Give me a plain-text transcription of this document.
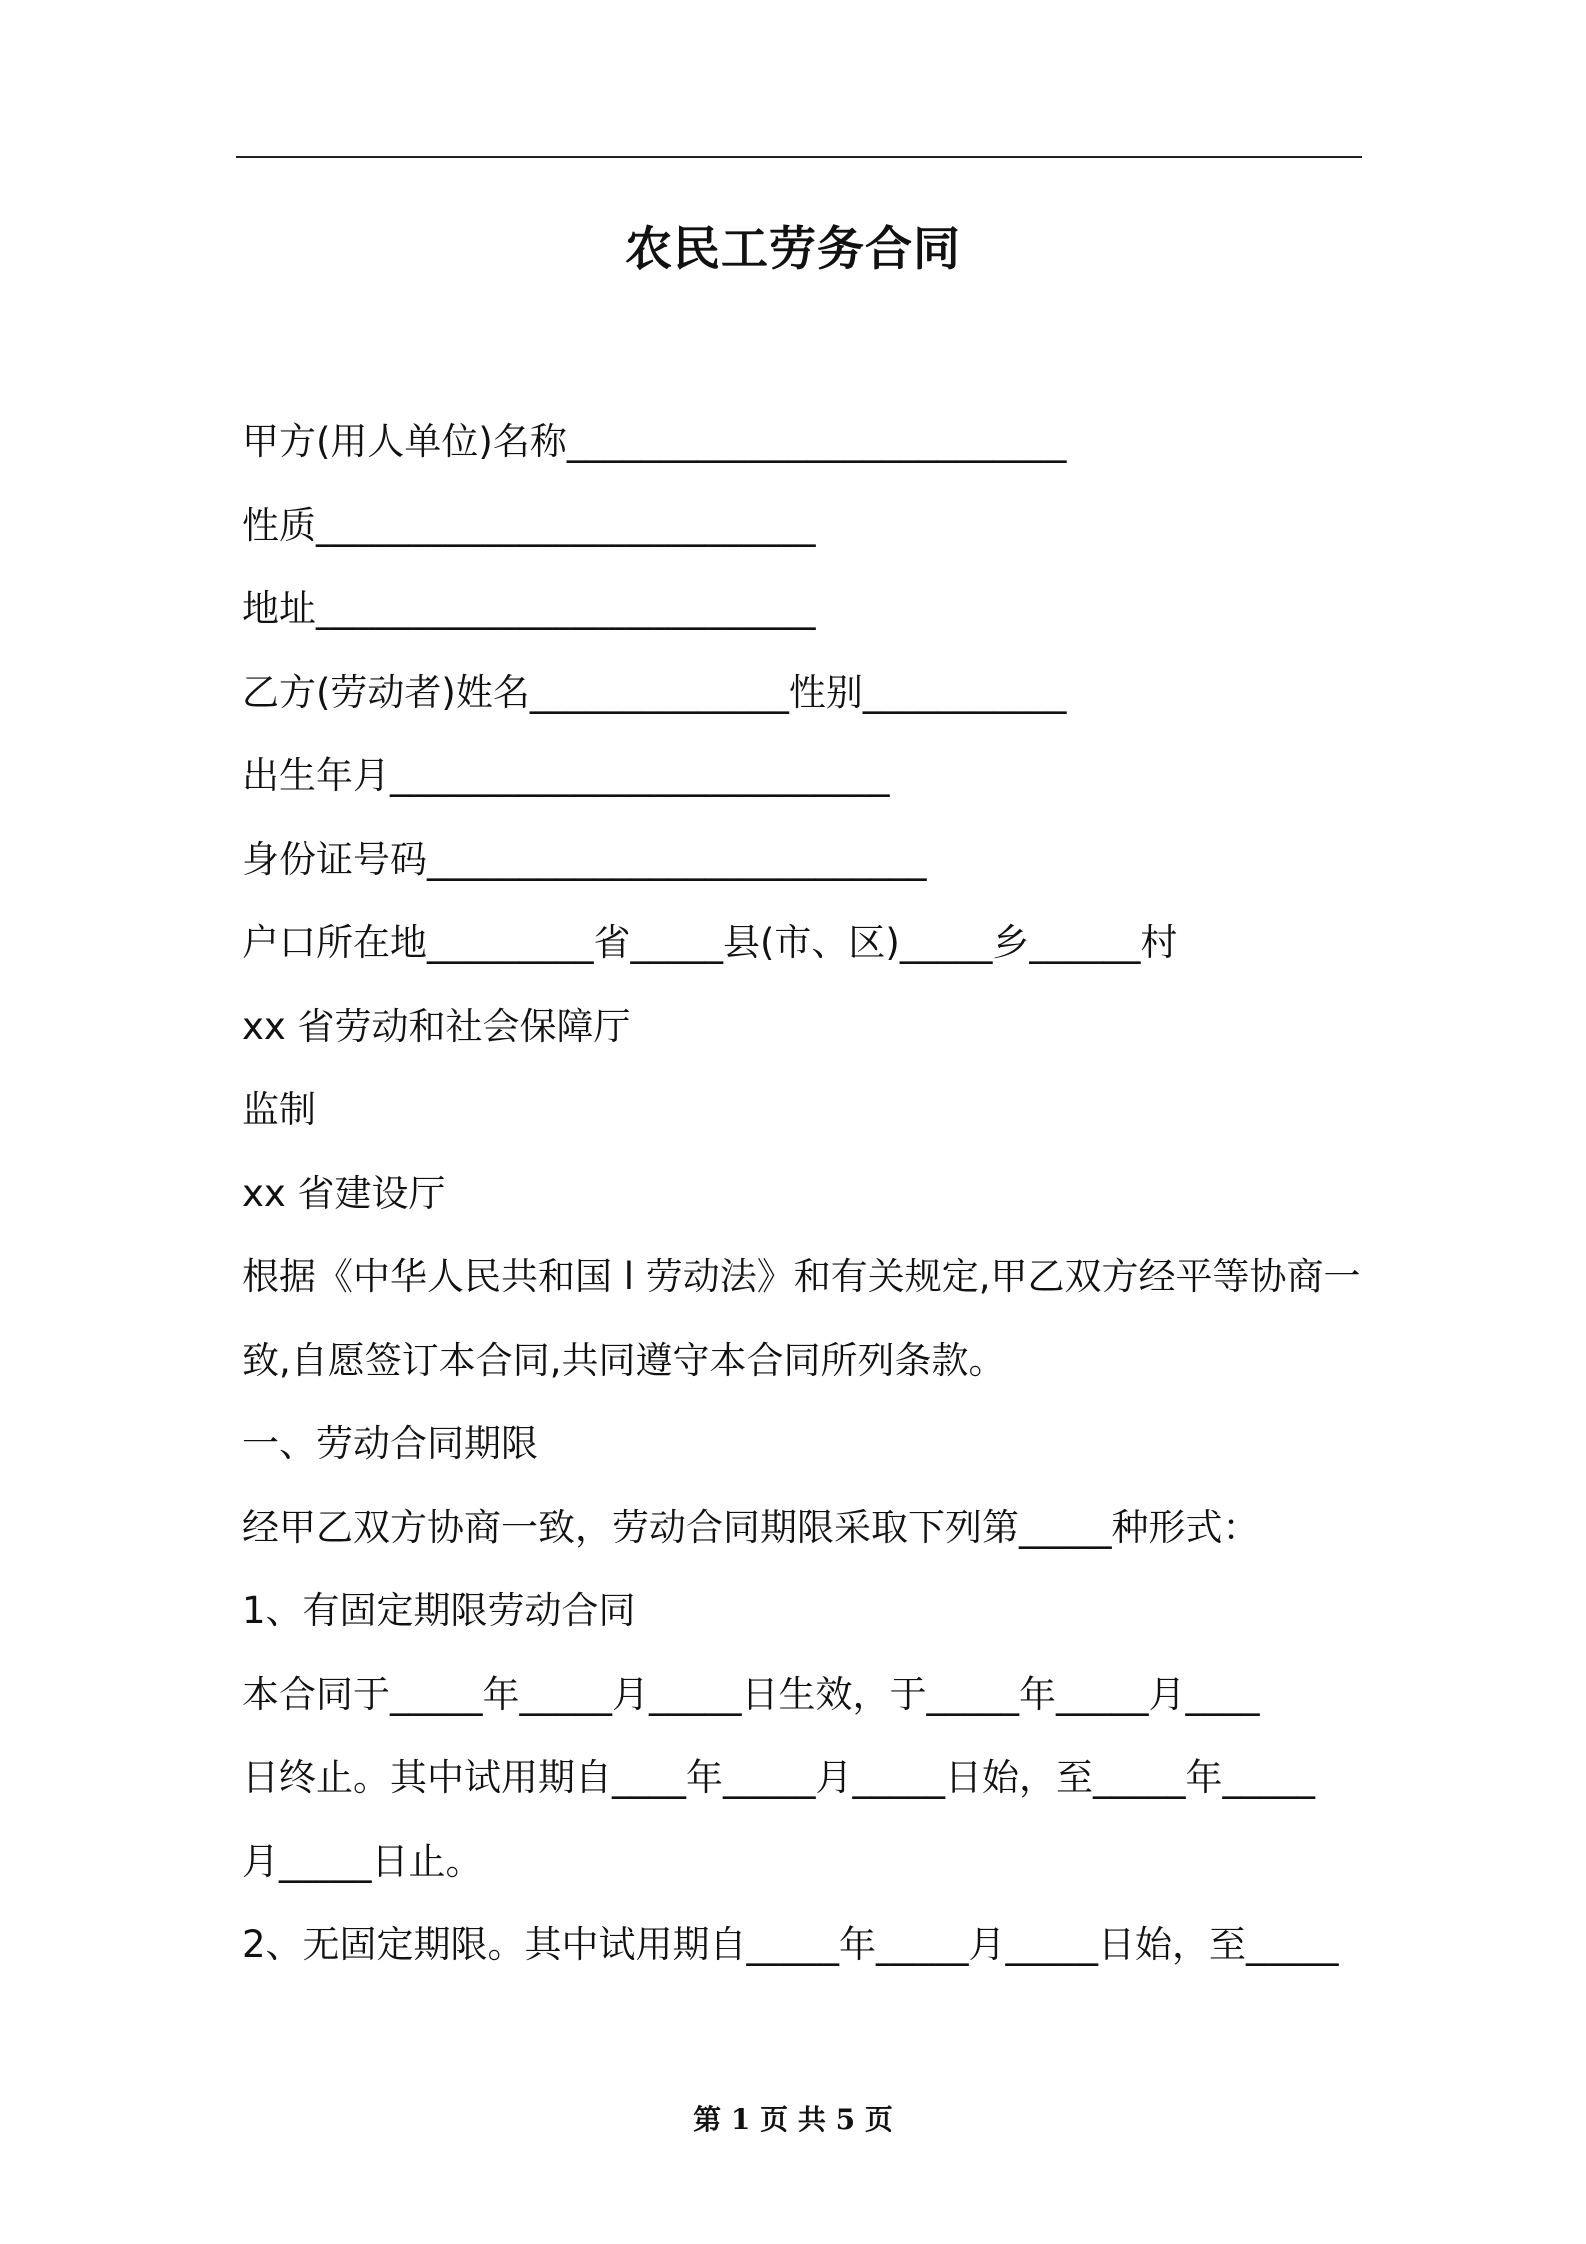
农民工劳务合同
甲方(用人单位)名称___________________________
性质___________________________
地址___________________________
乙方(劳动者)姓名______________性别___________
出生年月___________________________
身份证号码___________________________
户口所在地_________省_____县(市、区)_____乡______村
xx 省劳动和社会保障厅
监制
xx 省建设厅
根据《中华人民共和国 l 劳动法》和有关规定,甲乙双方经平等协商一
致,自愿签订本合同,共同遵守本合同所列条款。
一、劳动合同期限
经甲乙双方协商一致，劳动合同期限采取下列第_____种形式：
1、有固定期限劳动合同
本合同于_____年_____月_____日生效，于_____年_____月____
日终止。其中试用期自____年_____月_____日始，至_____年_____
月_____日止。
2、无固定期限。其中试用期自_____年_____月_____日始，至_____
第 1 页 共 5 页
